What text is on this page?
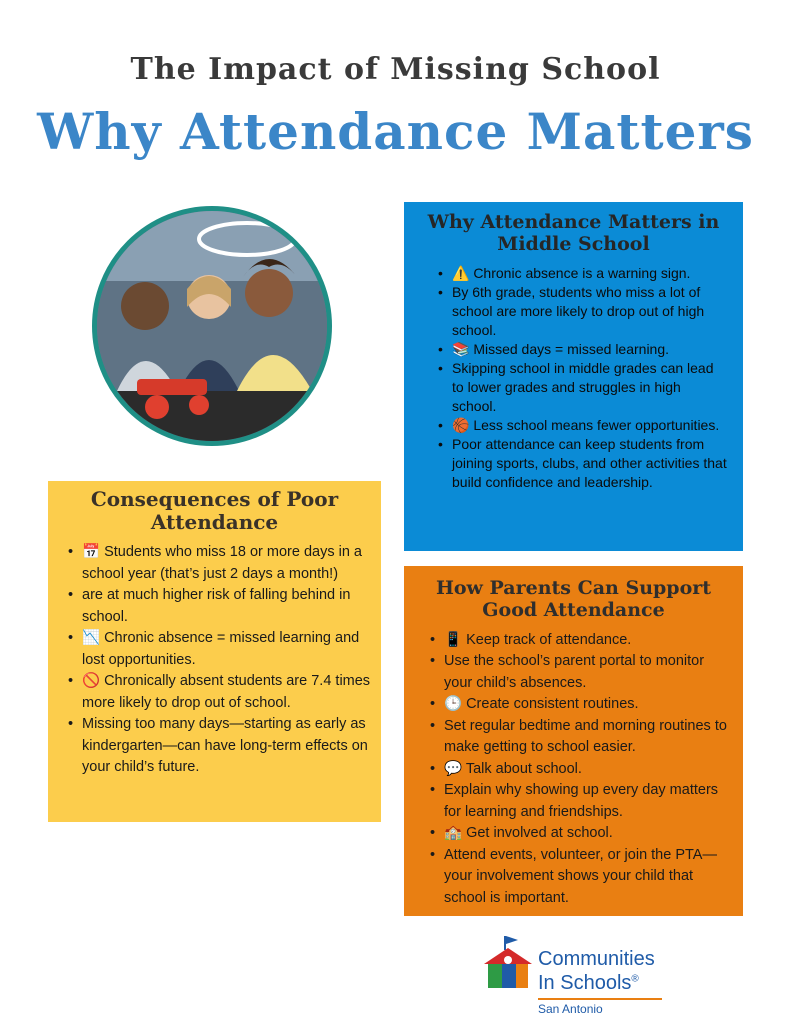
The Impact of Missing School
Why Attendance Matters
Why Attendance Matters in Middle School
• ⚠️ Chronic absence is a warning sign.
• By 6th grade, students who miss a lot of school are more likely to drop out of high school.
• 📚 Missed days = missed learning.
• Skipping school in middle grades can lead to lower grades and struggles in high school.
• 🏀 Less school means fewer opportunities.
• Poor attendance can keep students from joining sports, clubs, and other activities that build confidence and leadership.
Consequences of Poor Attendance
• 📅 Students who miss 18 or more days in a school year (that’s just 2 days a month!)
• are at much higher risk of falling behind in school.
• 📉 Chronic absence = missed learning and lost opportunities.
• 🚫 Chronically absent students are 7.4 times more likely to drop out of school.
• Missing too many days—starting as early as kindergarten—can have long-term effects on your child’s future.
How Parents Can Support Good Attendance
• 📱 Keep track of attendance.
• Use the school’s parent portal to monitor your child’s absences.
• 🕒 Create consistent routines.
• Set regular bedtime and morning routines to make getting to school easier.
• 💬 Talk about school.
• Explain why showing up every day matters for learning and friendships.
• 🏫 Get involved at school.
• Attend events, volunteer, or join the PTA—your involvement shows your child that school is important.
Communities
In Schools®
San Antonio
